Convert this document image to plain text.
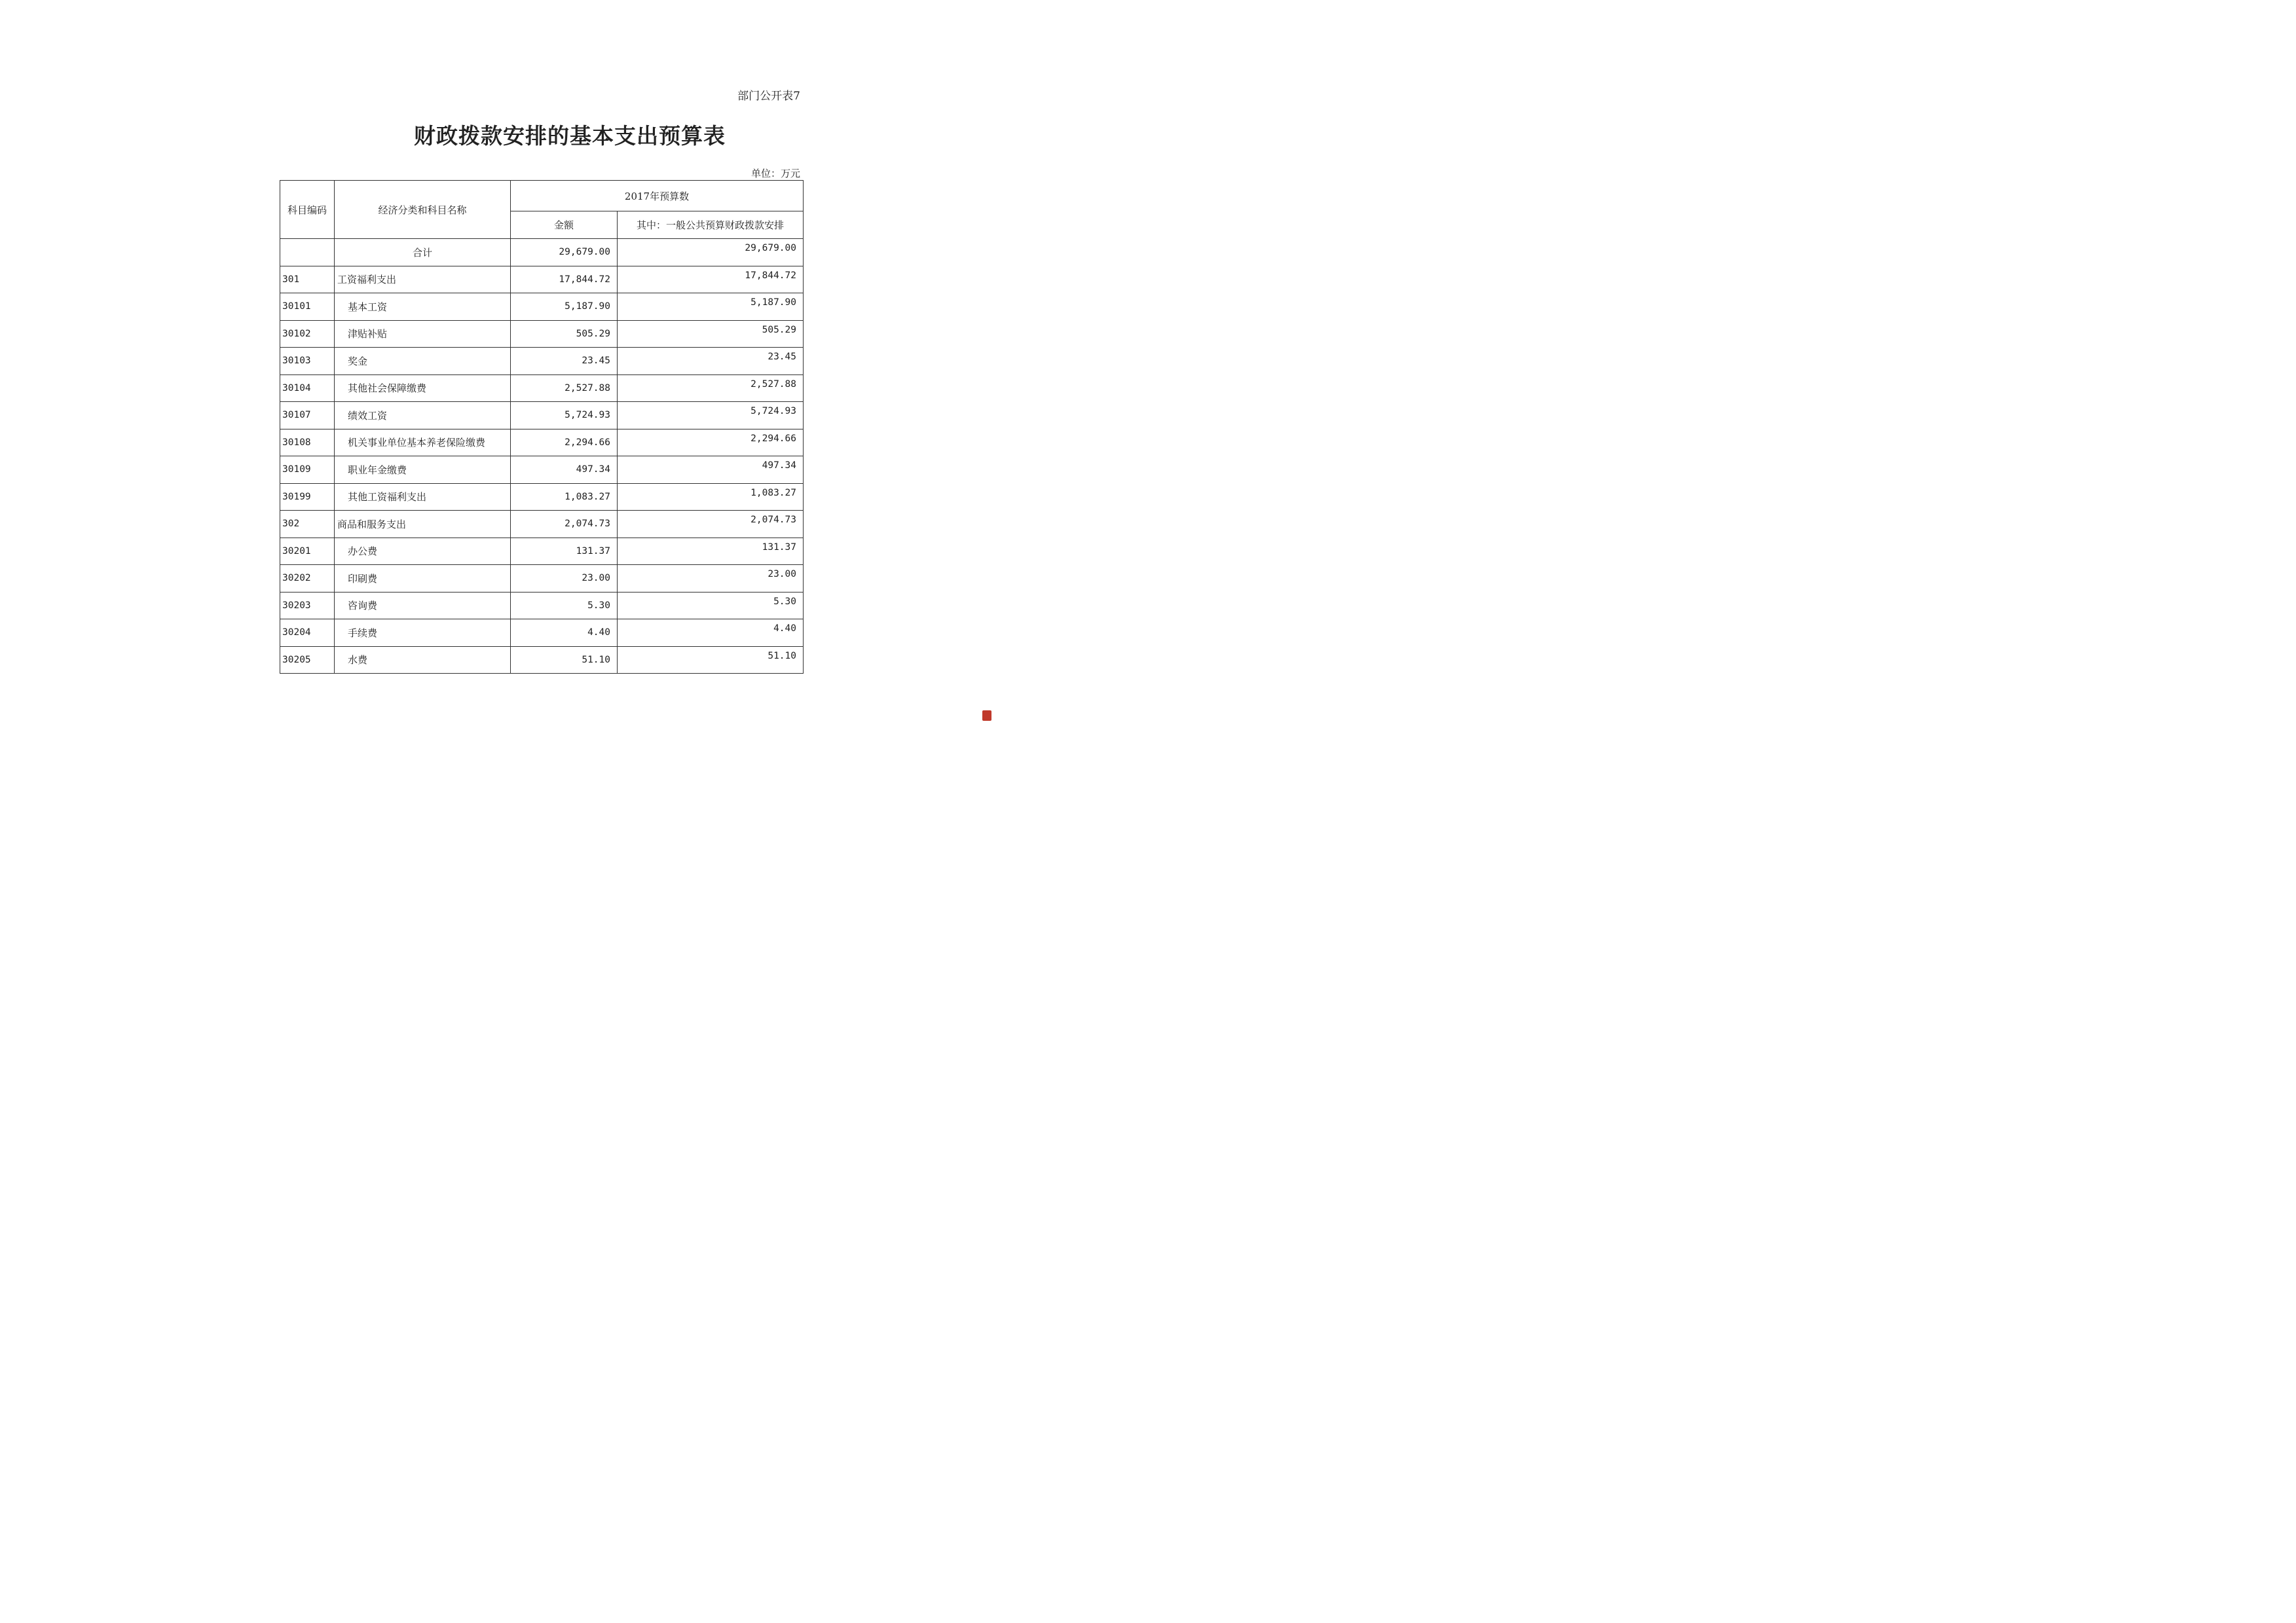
部门公开表7
财政拨款安排的基本支出预算表
单位：万元
科目编码	经济分类和科目名称	2017年预算数	
		金额	其中：一般公共预算财政拨款安排
	合计	29,679.00	29,679.00
301	工资福利支出	17,844.72	17,844.72
30101	基本工资	5,187.90	5,187.90
30102	津贴补贴	505.29	505.29
30103	奖金	23.45	23.45
30104	其他社会保障缴费	2,527.88	2,527.88
30107	绩效工资	5,724.93	5,724.93
30108	机关事业单位基本养老保险缴费	2,294.66	2,294.66
30109	职业年金缴费	497.34	497.34
30199	其他工资福利支出	1,083.27	1,083.27
302	商品和服务支出	2,074.73	2,074.73
30201	办公费	131.37	131.37
30202	印刷费	23.00	23.00
30203	咨询费	5.30	5.30
30204	手续费	4.40	4.40
30205	水费	51.10	51.10
